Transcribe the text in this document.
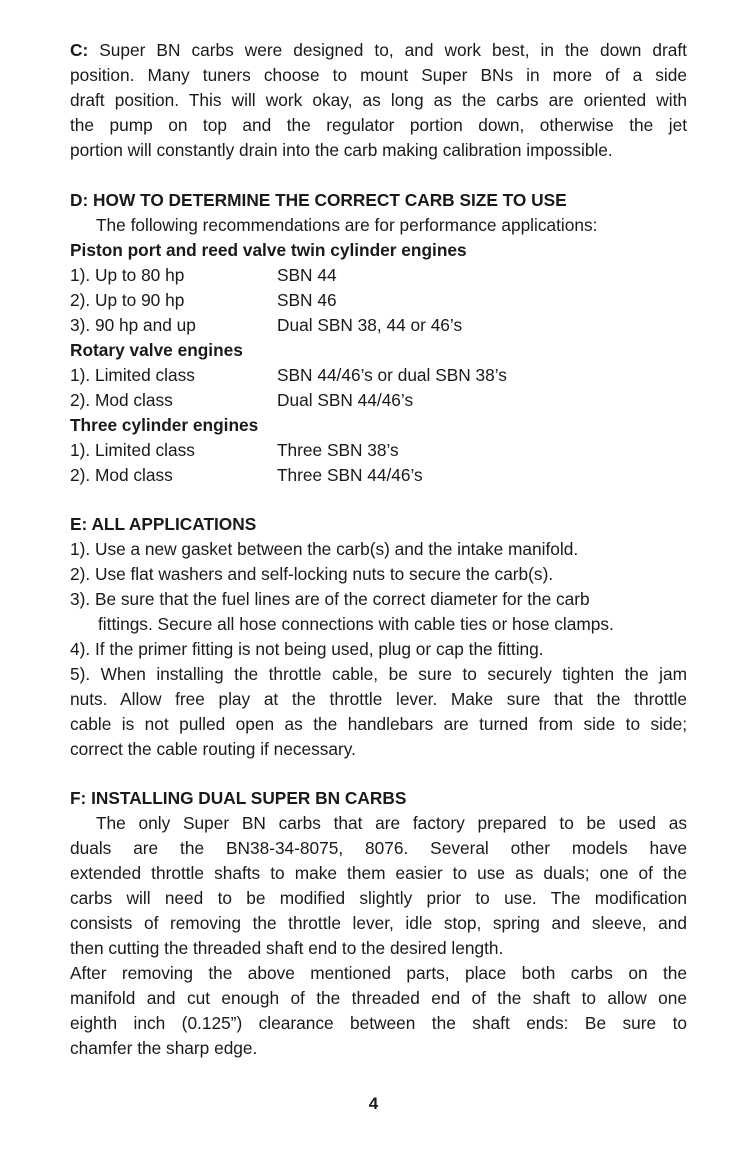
C: Super BN carbs were designed to, and work best, in the down draft
position. Many tuners choose to mount Super BNs in more of a side
draft position. This will work okay, as long as the carbs are oriented with
the pump on top and the regulator portion down, otherwise the jet
portion will constantly drain into the carb making calibration impossible.
D: HOW TO DETERMINE THE CORRECT CARB SIZE TO USE
The following recommendations are for performance applications:
Piston port and reed valve twin cylinder engines
1). Up to 80 hp	SBN 44
2). Up to 90 hp	SBN 46
3). 90 hp and up	Dual SBN 38, 44 or 46’s
Rotary valve engines
1). Limited class	SBN 44/46’s or dual SBN 38’s
2). Mod class	Dual SBN 44/46’s
Three cylinder engines
1). Limited class	Three SBN 38’s
2). Mod class	Three SBN 44/46’s
E: ALL APPLICATIONS
1). Use a new gasket between the carb(s) and the intake manifold.
2). Use flat washers and self-locking nuts to secure the carb(s).
3). Be sure that the fuel lines are of the correct diameter for the carb
fittings. Secure all hose connections with cable ties or hose clamps.
4). If the primer fitting is not being used, plug or cap the fitting.
5). When installing the throttle cable, be sure to securely tighten the jam
nuts. Allow free play at the throttle lever. Make sure that the throttle
cable is not pulled open as the handlebars are turned from side to side;
correct the cable routing if necessary.
F: INSTALLING DUAL SUPER BN CARBS
The only Super BN carbs that are factory prepared to be used as
duals are the BN38-34-8075, 8076. Several other models have
extended throttle shafts to make them easier to use as duals; one of the
carbs will need to be modified slightly prior to use. The modification
consists of removing the throttle lever, idle stop, spring and sleeve, and
then cutting the threaded shaft end to the desired length.
After removing the above mentioned parts, place both carbs on the
manifold and cut enough of the threaded end of the shaft to allow one
eighth inch (0.125”) clearance between the shaft ends: Be sure to
chamfer the sharp edge.
4
